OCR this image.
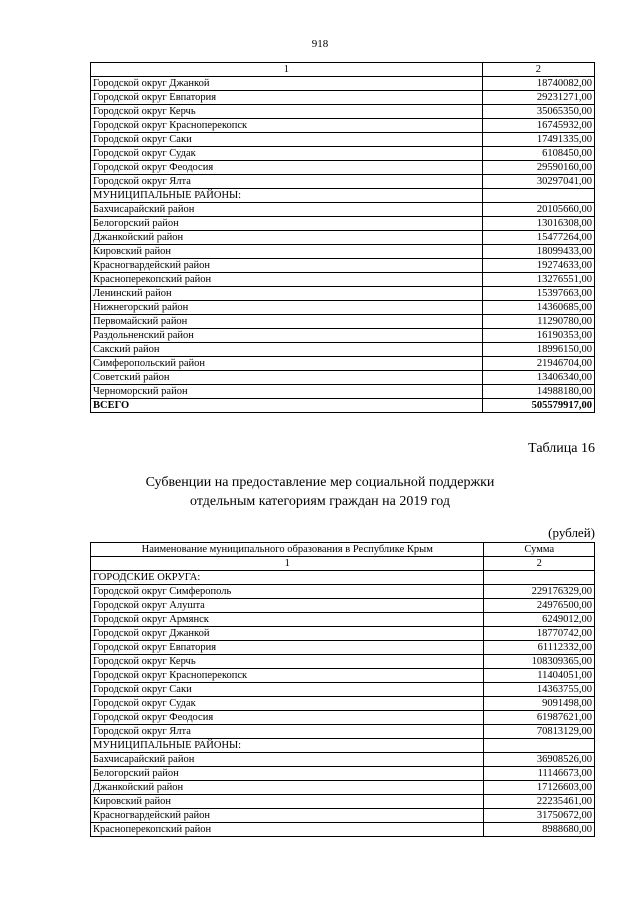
918
1	2
Городской округ Джанкой	18740082,00
Городской округ Евпатория	29231271,00
Городской округ Керчь	35065350,00
Городской округ Красноперекопск	16745932,00
Городской округ Саки	17491335,00
Городской округ Судак	6108450,00
Городской округ Феодосия	29590160,00
Городской округ Ялта	30297041,00
МУНИЦИПАЛЬНЫЕ РАЙОНЫ:	
Бахчисарайский район	20105660,00
Белогорский район	13016308,00
Джанкойский район	15477264,00
Кировский район	18099433,00
Красногвардейский район	19274633,00
Красноперекопский район	13276551,00
Ленинский район	15397663,00
Нижнегорский район	14360685,00
Первомайский район	11290780,00
Раздольненский район	16190353,00
Сакский район	18996150,00
Симферопольский район	21946704,00
Советский район	13406340,00
Черноморский район	14988180,00
ВСЕГО	505579917,00
Таблица 16
Субвенции на предоставление мер социальной поддержки
отдельным категориям граждан на 2019 год
(рублей)
Наименование муниципального образования в Республике Крым	Сумма
1	2
ГОРОДСКИЕ ОКРУГА:	
Городской округ Симферополь	229176329,00
Городской округ Алушта	24976500,00
Городской округ Армянск	6249012,00
Городской округ Джанкой	18770742,00
Городской округ Евпатория	61112332,00
Городской округ Керчь	108309365,00
Городской округ Красноперекопск	11404051,00
Городской округ Саки	14363755,00
Городской округ Судак	9091498,00
Городской округ Феодосия	61987621,00
Городской округ Ялта	70813129,00
МУНИЦИПАЛЬНЫЕ РАЙОНЫ:	
Бахчисарайский район	36908526,00
Белогорский район	11146673,00
Джанкойский район	17126603,00
Кировский район	22235461,00
Красногвардейский район	31750672,00
Красноперекопский район	8988680,00
